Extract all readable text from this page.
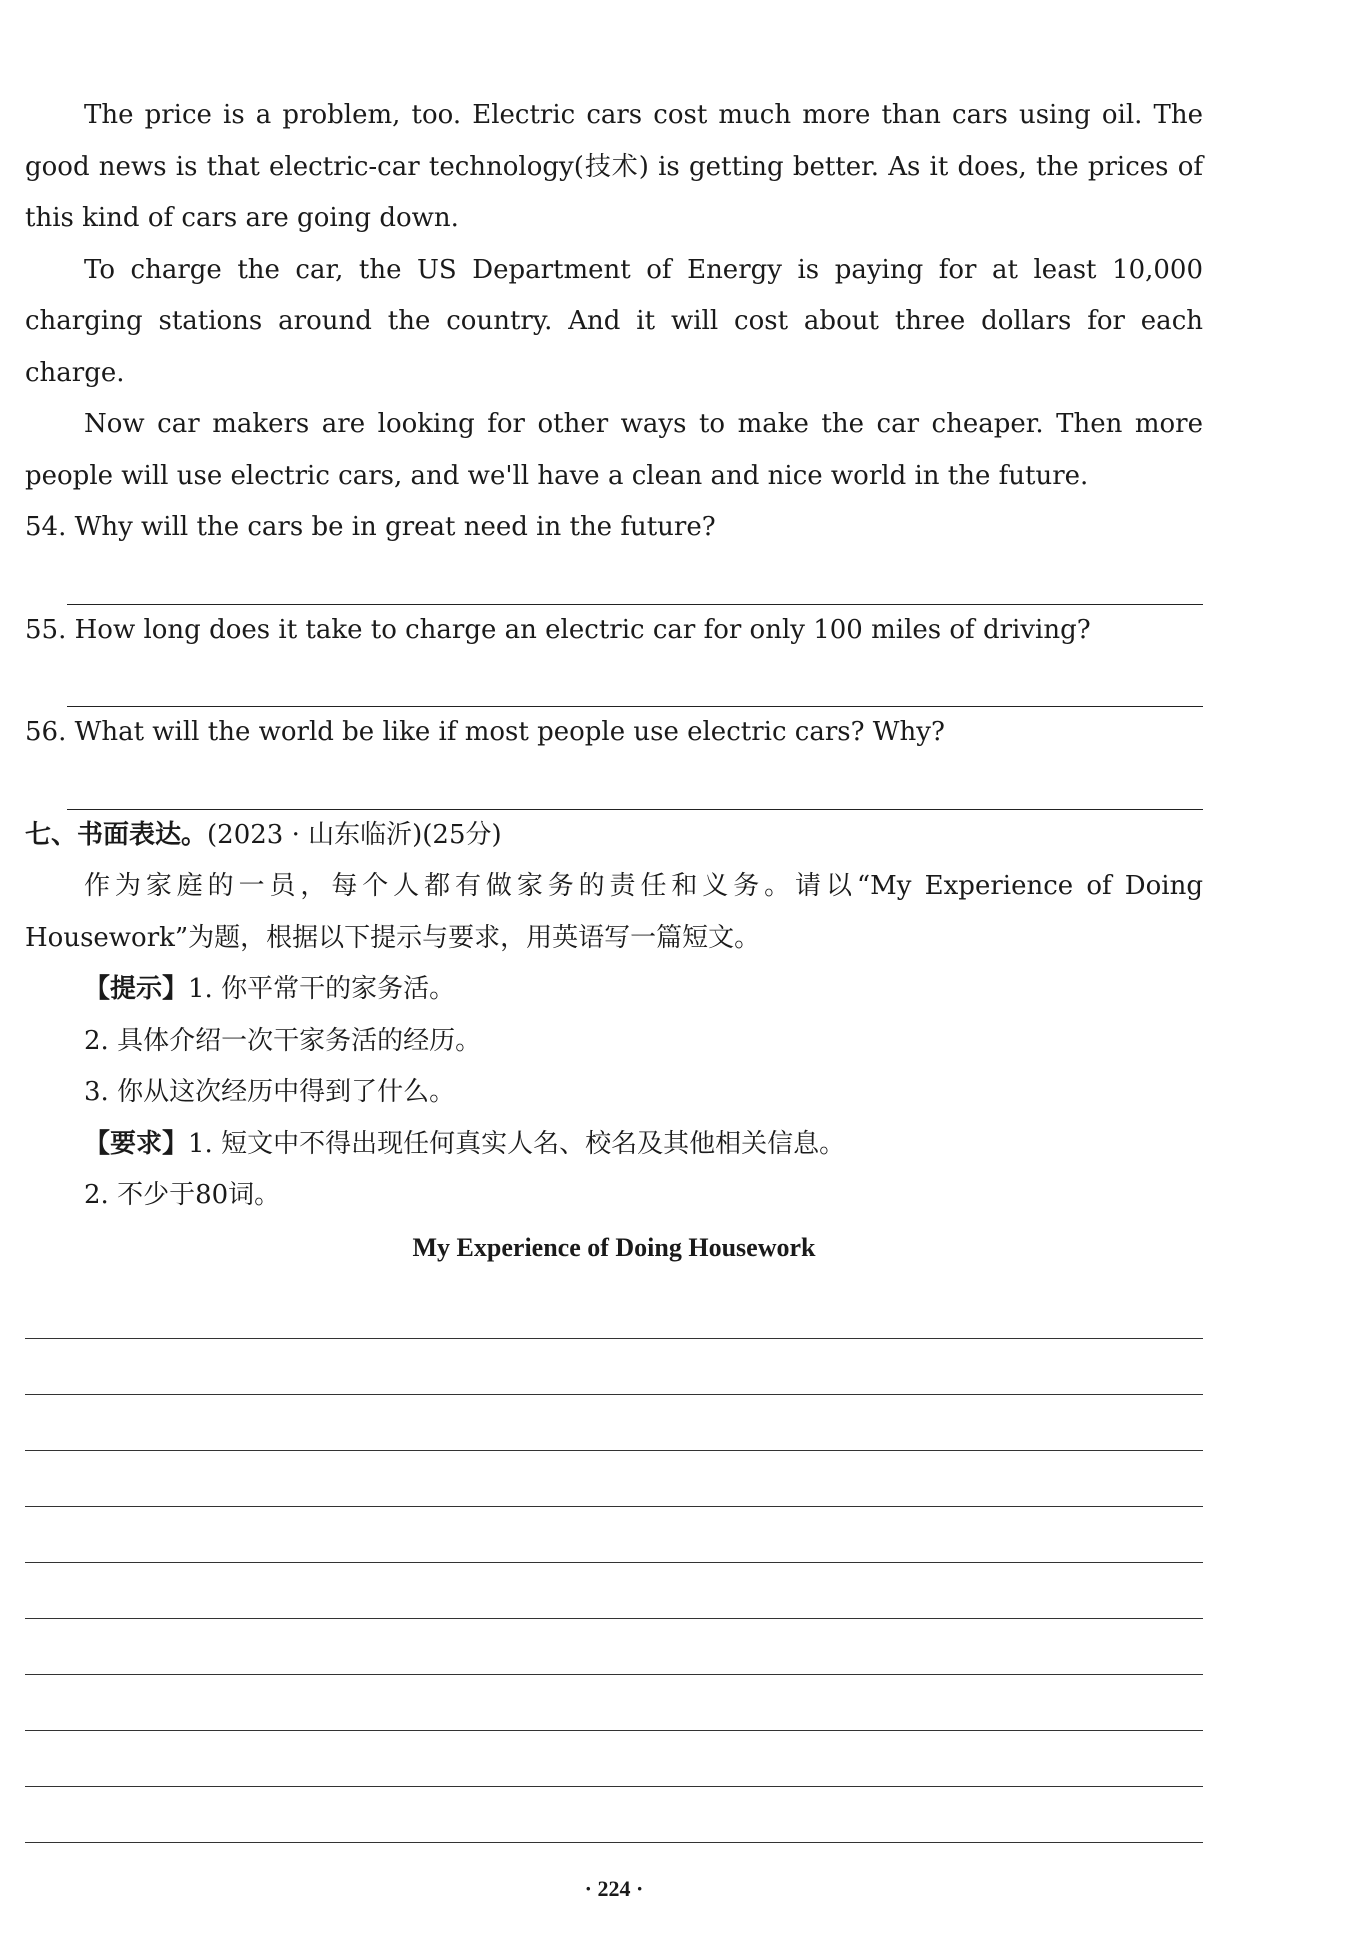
The price is a problem, too. Electric cars cost much more than cars using oil. The good news is that electric-car technology(技术) is getting better. As it does, the prices of this kind of cars are going down.

To charge the car, the US Department of Energy is paying for at least 10,000 charging stations around the country. And it will cost about three dollars for each charge.

Now car makers are looking for other ways to make the car cheaper. Then more people will use electric cars, and we'll have a clean and nice world in the future.

54. Why will the cars be in great need in the future?

55. How long does it take to charge an electric car for only 100 miles of driving?

56. What will the world be like if most people use electric cars? Why?

七、书面表达。(2023 · 山东临沂)(25分)

作为家庭的一员，每个人都有做家务的责任和义务。请以“My Experience of Doing Housework”为题，根据以下提示与要求，用英语写一篇短文。

【提示】1. 你平常干的家务活。

2. 具体介绍一次干家务活的经历。

3. 你从这次经历中得到了什么。

【要求】1. 短文中不得出现任何真实人名、校名及其他相关信息。

2. 不少于80词。

My Experience of Doing Housework

· 224 ·
